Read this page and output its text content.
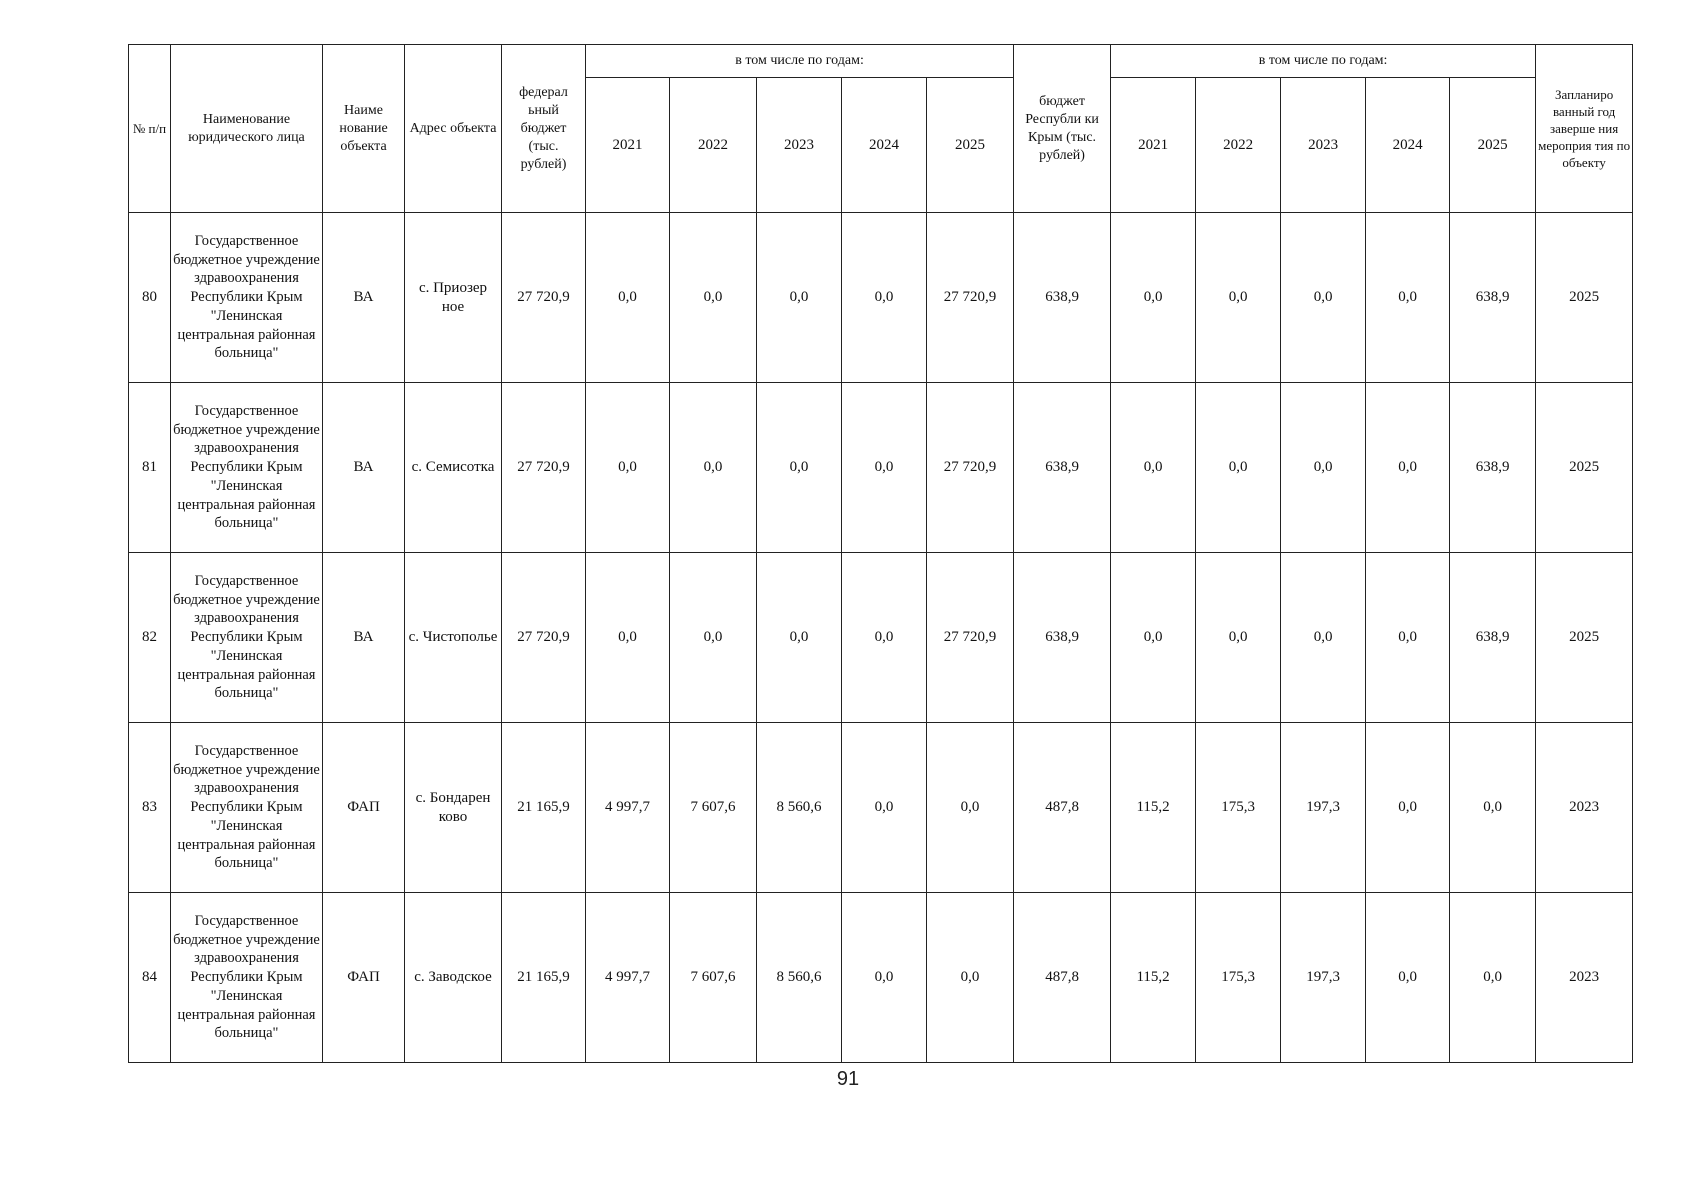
№ п/п	Наименование юридического лица	Наиме нование объекта	Адрес объекта	федерал ьный бюджет (тыс. рублей)	в том числе по годам:					бюджет Республи ки Крым (тыс. рублей)	в том числе по годам:					Запланиро ванный год заверше ния мероприя тия по объекту
					2021	2022	2023	2024	2025		2021	2022	2023	2024	2025	
80	Государственное бюджетное учреждение здравоохранения Республики Крым "Ленинская центральная районная больница"	ВА	с. Приозер ное	27 720,9	0,0	0,0	0,0	0,0	27 720,9	638,9	0,0	0,0	0,0	0,0	638,9	2025
81	Государственное бюджетное учреждение здравоохранения Республики Крым "Ленинская центральная районная больница"	ВА	с. Семисотка	27 720,9	0,0	0,0	0,0	0,0	27 720,9	638,9	0,0	0,0	0,0	0,0	638,9	2025
82	Государственное бюджетное учреждение здравоохранения Республики Крым "Ленинская центральная районная больница"	ВА	с. Чистополье	27 720,9	0,0	0,0	0,0	0,0	27 720,9	638,9	0,0	0,0	0,0	0,0	638,9	2025
83	Государственное бюджетное учреждение здравоохранения Республики Крым "Ленинская центральная районная больница"	ФАП	с. Бондарен ково	21 165,9	4 997,7	7 607,6	8 560,6	0,0	0,0	487,8	115,2	175,3	197,3	0,0	0,0	2023
84	Государственное бюджетное учреждение здравоохранения Республики Крым "Ленинская центральная районная больница"	ФАП	с. Заводское	21 165,9	4 997,7	7 607,6	8 560,6	0,0	0,0	487,8	115,2	175,3	197,3	0,0	0,0	2023
91
